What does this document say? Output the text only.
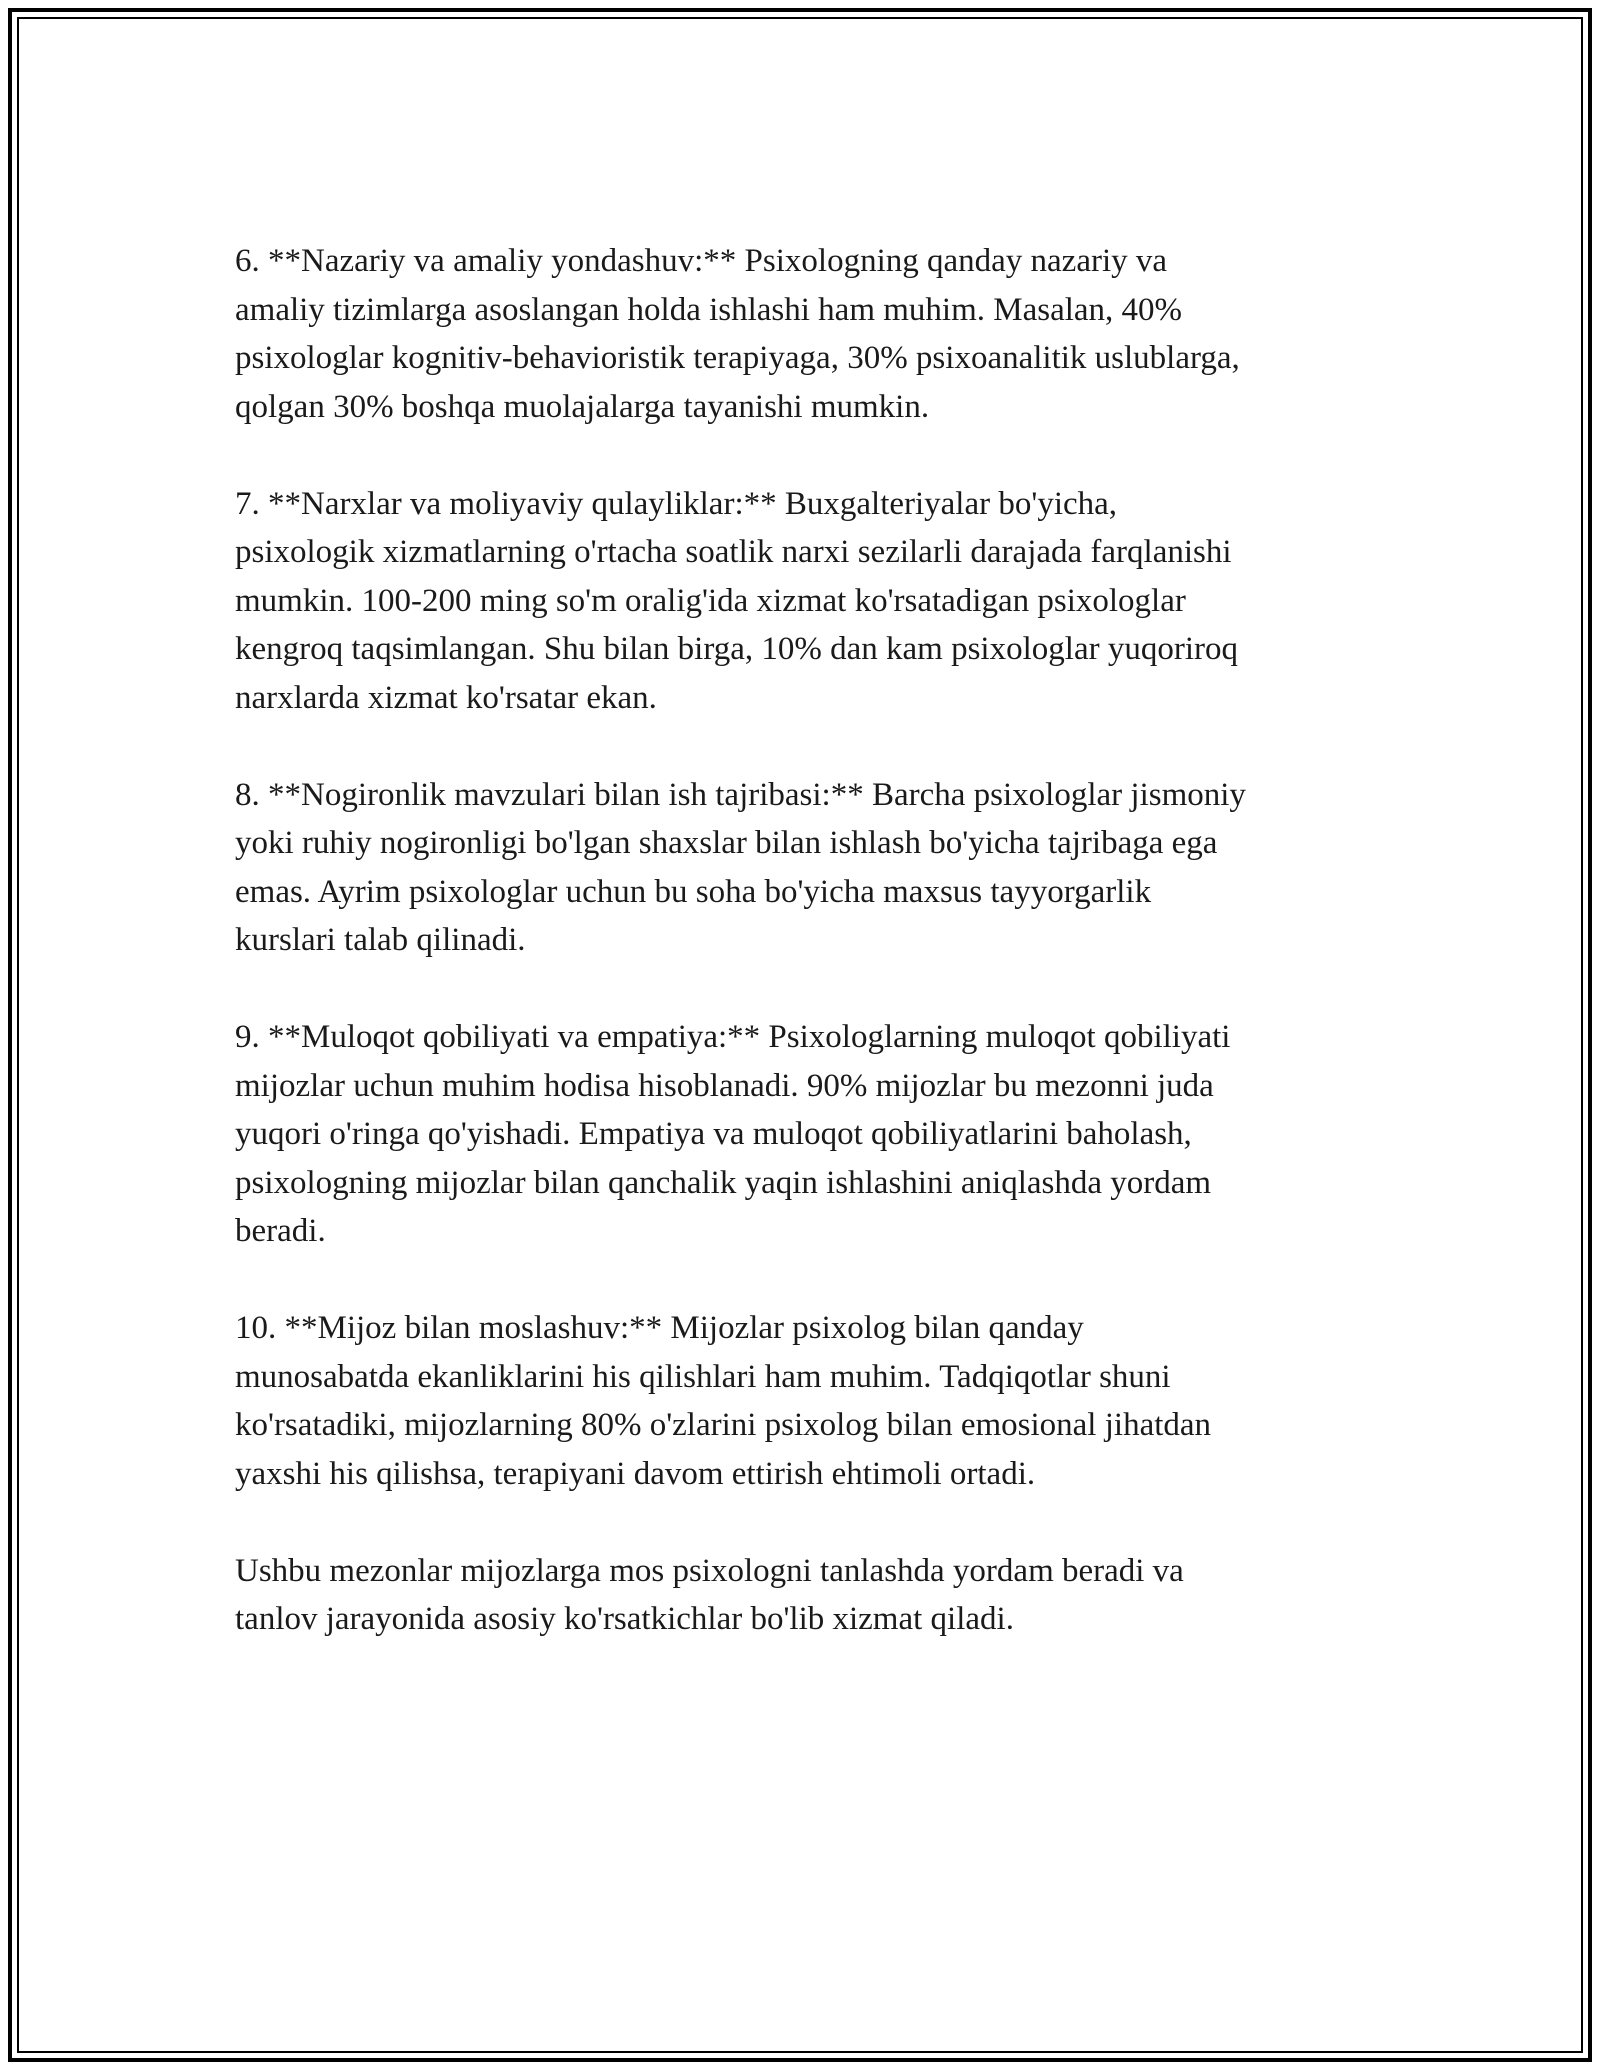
6. **Nazariy va amaliy yondashuv:** Psixologning qanday nazariy va
amaliy tizimlarga asoslangan holda ishlashi ham muhim. Masalan, 40%
psixologlar kognitiv-behavioristik terapiyaga, 30% psixoanalitik uslublarga,
qolgan 30% boshqa muolajalarga tayanishi mumkin.

7. **Narxlar va moliyaviy qulayliklar:** Buxgalteriyalar bo'yicha,
psixologik xizmatlarning o'rtacha soatlik narxi sezilarli darajada farqlanishi
mumkin. 100-200 ming so'm oralig'ida xizmat ko'rsatadigan psixologlar
kengroq taqsimlangan. Shu bilan birga, 10% dan kam psixologlar yuqoriroq
narxlarda xizmat ko'rsatar ekan.

8. **Nogironlik mavzulari bilan ish tajribasi:** Barcha psixologlar jismoniy
yoki ruhiy nogironligi bo'lgan shaxslar bilan ishlash bo'yicha tajribaga ega
emas. Ayrim psixologlar uchun bu soha bo'yicha maxsus tayyorgarlik
kurslari talab qilinadi.

9. **Muloqot qobiliyati va empatiya:** Psixologlarning muloqot qobiliyati
mijozlar uchun muhim hodisa hisoblanadi. 90% mijozlar bu mezonni juda
yuqori o'ringa qo'yishadi. Empatiya va muloqot qobiliyatlarini baholash,
psixologning mijozlar bilan qanchalik yaqin ishlashini aniqlashda yordam
beradi.

10. **Mijoz bilan moslashuv:** Mijozlar psixolog bilan qanday
munosabatda ekanliklarini his qilishlari ham muhim. Tadqiqotlar shuni
ko'rsatadiki, mijozlarning 80% o'zlarini psixolog bilan emosional jihatdan
yaxshi his qilishsa, terapiyani davom ettirish ehtimoli ortadi.

Ushbu mezonlar mijozlarga mos psixologni tanlashda yordam beradi va
tanlov jarayonida asosiy ko'rsatkichlar bo'lib xizmat qiladi.
